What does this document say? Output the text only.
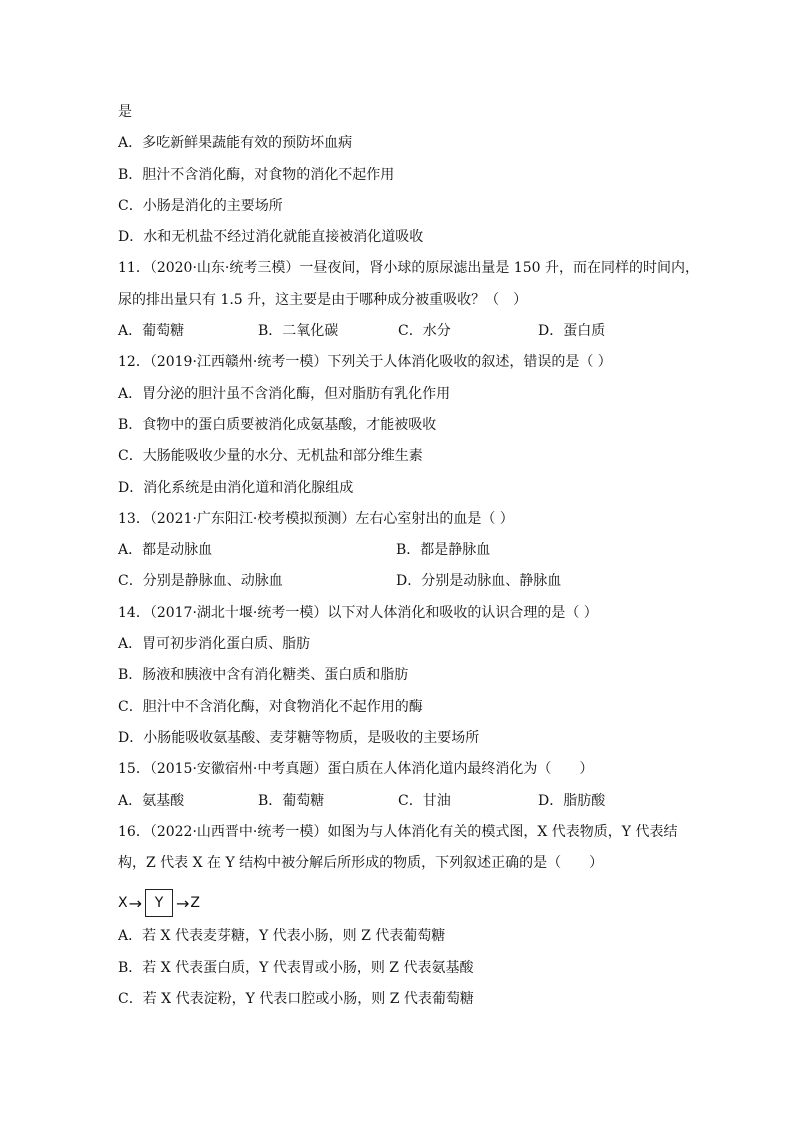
是
A．多吃新鲜果蔬能有效的预防坏血病
B．胆汁不含消化酶，对食物的消化不起作用
C．小肠是消化的主要场所
D．水和无机盐不经过消化就能直接被消化道吸收
11．（2020·山东·统考三模）一昼夜间，肾小球的原尿滤出量是 150 升，而在同样的时间内，
尿的排出量只有 1.5 升，这主要是由于哪种成分被重吸收？（　）
A．葡萄糖	B．二氧化碳	C．水分	D．蛋白质
12．（2019·江西赣州·统考一模）下列关于人体消化吸收的叙述，错误的是（ ）
A．胃分泌的胆汁虽不含消化酶，但对脂肪有乳化作用
B．食物中的蛋白质要被消化成氨基酸，才能被吸收
C．大肠能吸收少量的水分、无机盐和部分维生素
D．消化系统是由消化道和消化腺组成
13．（2021·广东阳江·校考模拟预测）左右心室射出的血是（ ）
A．都是动脉血	B．都是静脉血
C．分别是静脉血、动脉血	D．分别是动脉血、静脉血
14．（2017·湖北十堰·统考一模）以下对人体消化和吸收的认识合理的是（ ）
A．胃可初步消化蛋白质、脂肪
B．肠液和胰液中含有消化糖类、蛋白质和脂肪
C．胆汁中不含消化酶，对食物消化不起作用的酶
D．小肠能吸收氨基酸、麦芽糖等物质，是吸收的主要场所
15．（2015·安徽宿州·中考真题）蛋白质在人体消化道内最终消化为（　　）
A．氨基酸	B．葡萄糖	C．甘油	D．脂肪酸
16．（2022·山西晋中·统考一模）如图为与人体消化有关的模式图，X 代表物质，Y 代表结
构，Z 代表 X 在 Y 结构中被分解后所形成的物质，下列叙述正确的是（　　）
X → Y → Z
A．若 X 代表麦芽糖，Y 代表小肠，则 Z 代表葡萄糖
B．若 X 代表蛋白质，Y 代表胃或小肠，则 Z 代表氨基酸
C．若 X 代表淀粉，Y 代表口腔或小肠，则 Z 代表葡萄糖
